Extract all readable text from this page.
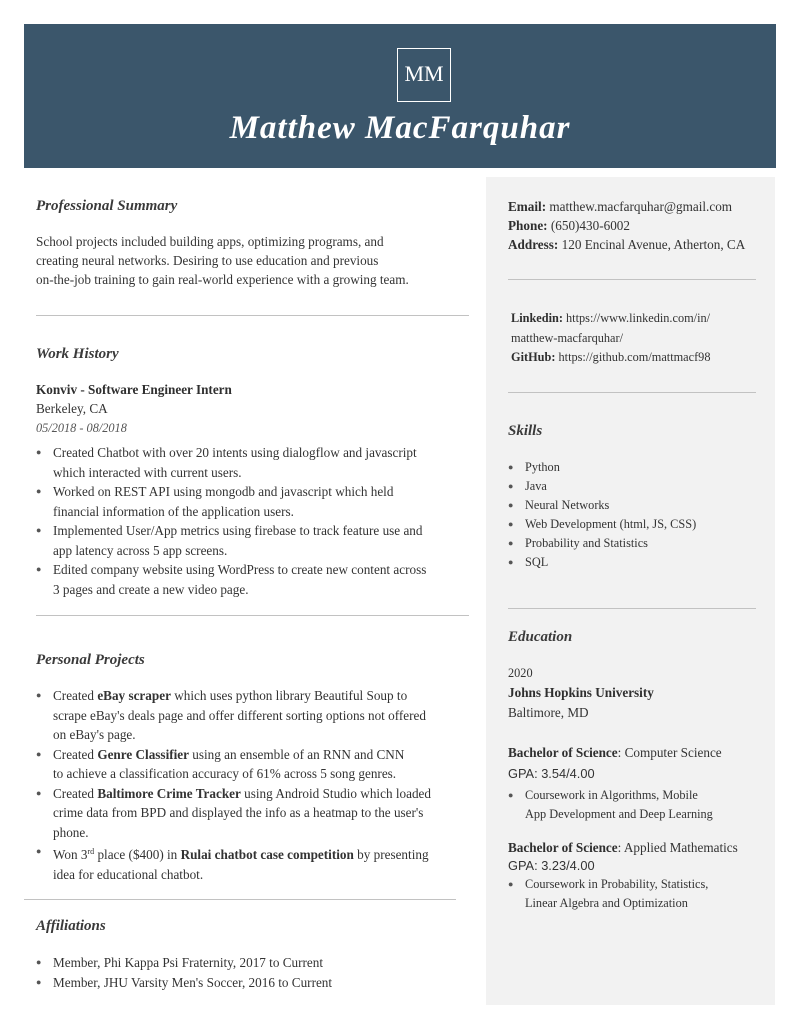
MM
Matthew MacFarquhar
Professional Summary
School projects included building apps, optimizing programs, and
creating neural networks. Desiring to use education and previous
on-the-job training to gain real-world experience with a growing team.
Work History
Konviv - Software Engineer Intern
Berkeley, CA
05/2018 - 08/2018
● Created Chatbot with over 20 intents using dialogflow and javascript
which interacted with current users.
● Worked on REST API using mongodb and javascript which held
financial information of the application users.
● Implemented User/App metrics using firebase to track feature use and
app latency across 5 app screens.
● Edited company website using WordPress to create new content across
3 pages and create a new video page.
Personal Projects
● Created eBay scraper which uses python library Beautiful Soup to
scrape eBay's deals page and offer different sorting options not offered
on eBay's page.
● Created Genre Classifier using an ensemble of an RNN and CNN
to achieve a classification accuracy of 61% across 5 song genres.
● Created Baltimore Crime Tracker using Android Studio which loaded
crime data from BPD and displayed the info as a heatmap to the user's
phone.
● Won 3rd place ($400) in Rulai chatbot case competition by presenting
idea for educational chatbot.
Affiliations
● Member, Phi Kappa Psi Fraternity, 2017 to Current
● Member, JHU Varsity Men's Soccer, 2016 to Current
Email: matthew.macfarquhar@gmail.com
Phone: (650)430-6002
Address: 120 Encinal Avenue, Atherton, CA
Linkedin: https://www.linkedin.com/in/
matthew-macfarquhar/
GitHub: https://github.com/mattmacf98
Skills
● Python
● Java
● Neural Networks
● Web Development (html, JS, CSS)
● Probability and Statistics
● SQL
Education
2020
Johns Hopkins University
Baltimore, MD
Bachelor of Science: Computer Science
GPA: 3.54/4.00
● Coursework in Algorithms, Mobile
App Development and Deep Learning
Bachelor of Science: Applied Mathematics
GPA: 3.23/4.00
● Coursework in Probability, Statistics,
Linear Algebra and Optimization
